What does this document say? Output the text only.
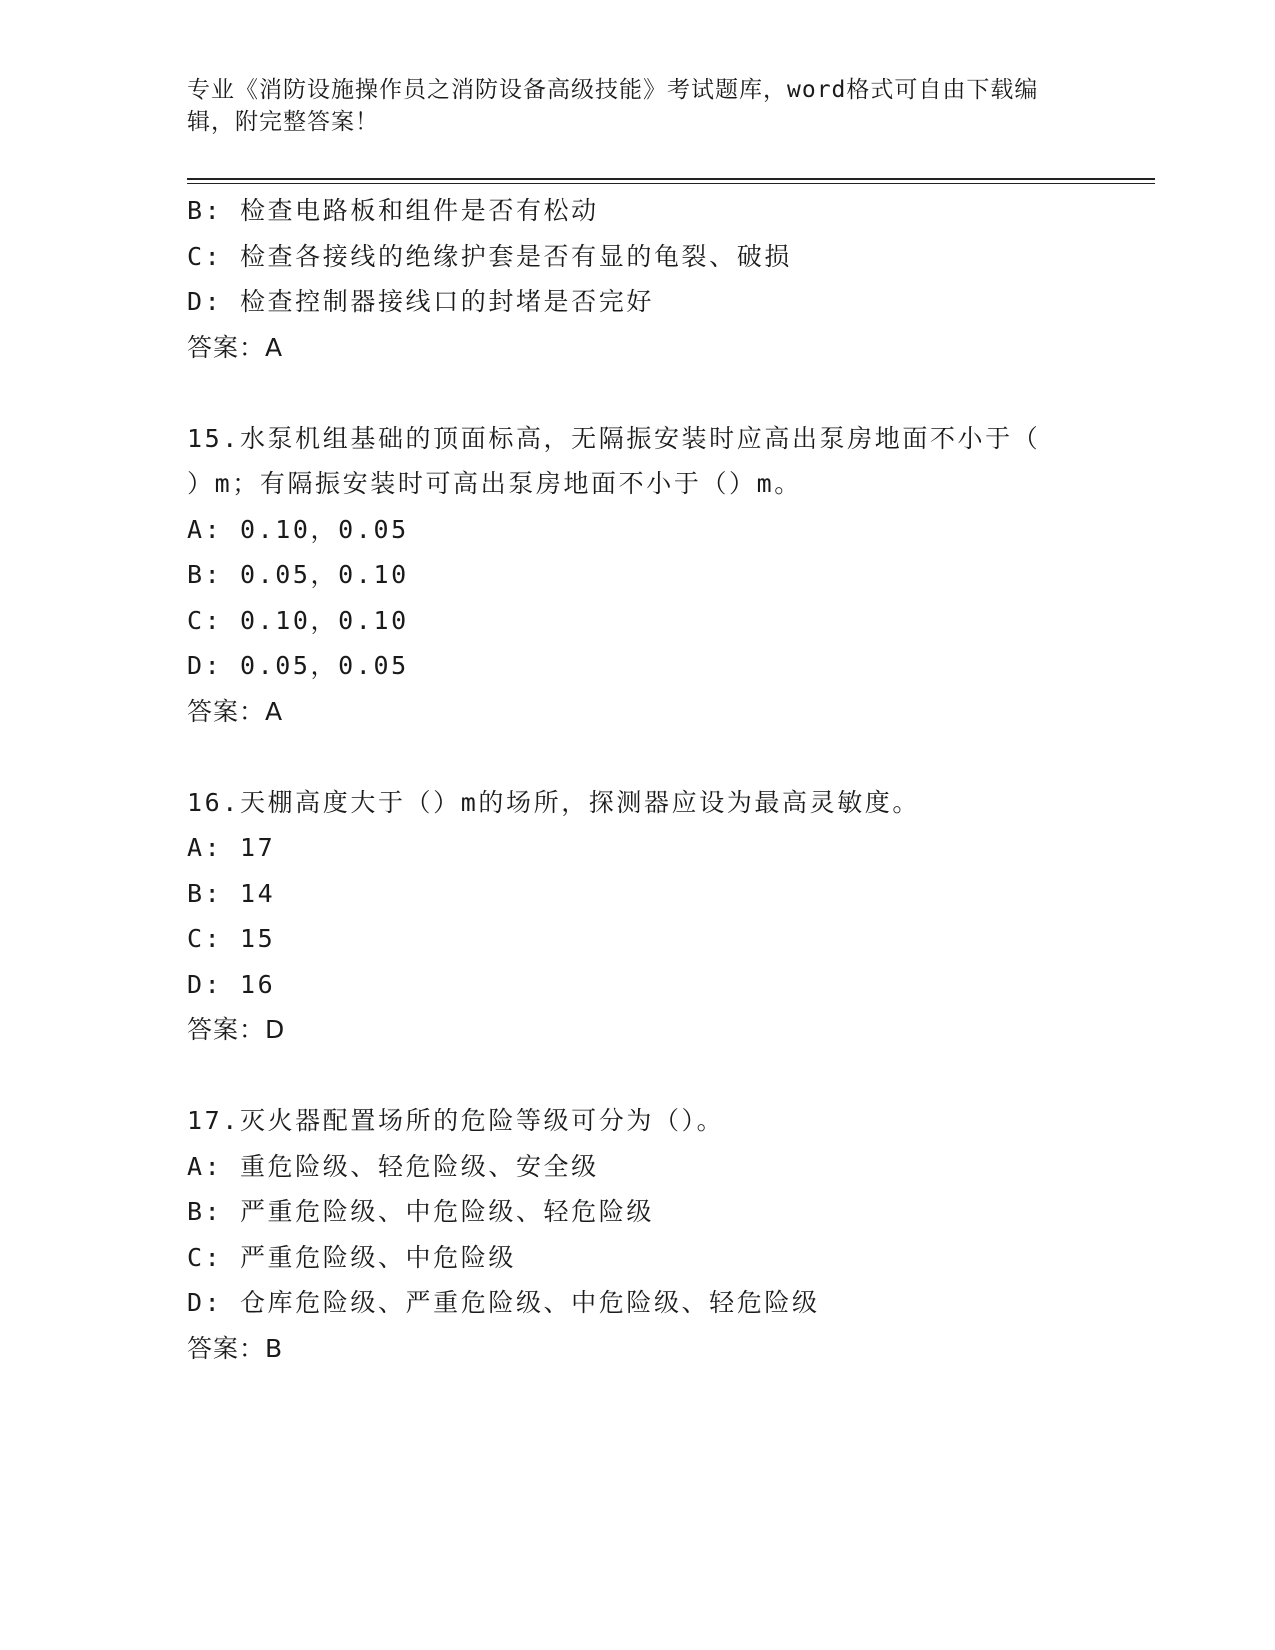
专业《消防设施操作员之消防设备高级技能》考试题库，word格式可自由下载编
辑，附完整答案！
B: 检查电路板和组件是否有松动
C: 检查各接线的绝缘护套是否有显的龟裂、破损
D: 检查控制器接线口的封堵是否完好
答案：A
15.水泵机组基础的顶面标高，无隔振安装时应高出泵房地面不小于（
）m；有隔振安装时可高出泵房地面不小于（）m。
A: 0.10，0.05
B: 0.05，0.10
C: 0.10，0.10
D: 0.05，0.05
答案：A
16.天棚高度大于（）m的场所，探测器应设为最高灵敏度。
A: 17
B: 14
C: 15
D: 16
答案：D
17.灭火器配置场所的危险等级可分为（）。
A: 重危险级、轻危险级、安全级
B: 严重危险级、中危险级、轻危险级
C: 严重危险级、中危险级
D: 仓库危险级、严重危险级、中危险级、轻危险级
答案：B
